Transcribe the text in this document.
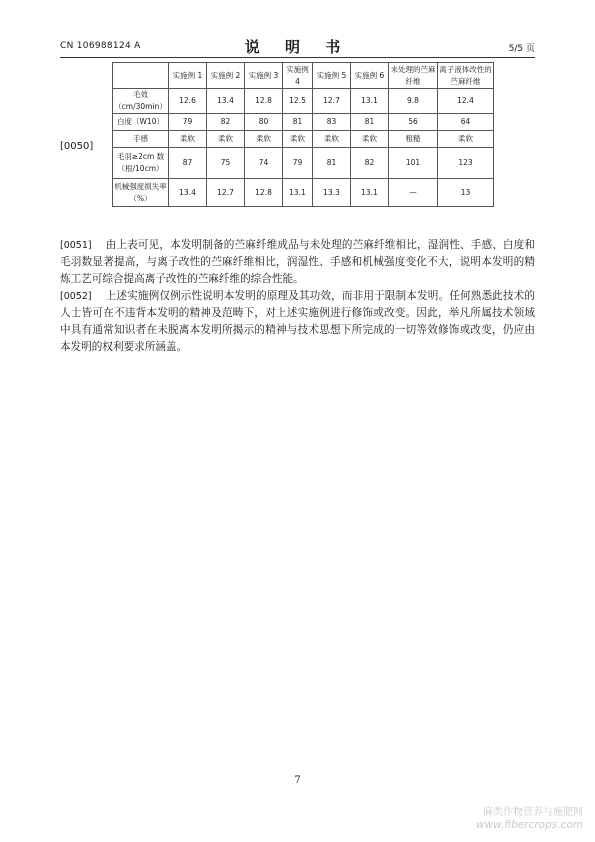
CN 106988124 A	说 明 书	5/5 页
[0050]
	实施例 1	实施例 2	实施例 3	实施例 4	实施例 5	实施例 6	未处理的苎麻纤维	离子液体改性的苎麻纤维
毛效（cm/30min）	12.6	13.4	12.8	12.5	12.7	13.1	9.8	12.4
白度（W10）	79	82	80	81	83	81	56	64
手感	柔软	柔软	柔软	柔软	柔软	柔软	粗糙	柔软
毛羽≥2cm 数（根/10cm）	87	75	74	79	81	82	101	123
机械强度损失率（%）	13.4	12.7	12.8	13.1	13.3	13.1	—	13

[0051] 由上表可见，本发明制备的苎麻纤维成品与未处理的苎麻纤维相比，湿润性、手感、白度和毛羽数显著提高，与离子改性的苎麻纤维相比，润湿性、手感和机械强度变化不大，说明本发明的精炼工艺可综合提高离子改性的苎麻纤维的综合性能。

[0052] 上述实施例仅例示性说明本发明的原理及其功效，而非用于限制本发明。任何熟悉此技术的人士皆可在不违背本发明的精神及范畴下，对上述实施例进行修饰或改变。因此，举凡所属技术领域中具有通常知识者在未脱离本发明所揭示的精神与技术思想下所完成的一切等效修饰或改变，仍应由本发明的权利要求所涵盖。

7
麻类作物营养与施肥网
www.fibercrops.com
